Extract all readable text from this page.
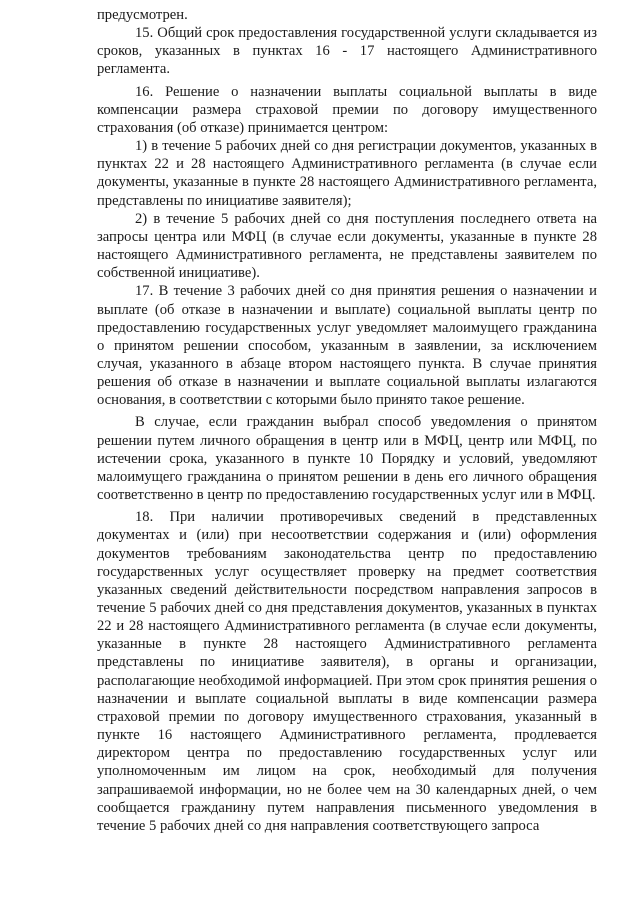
предусмотрен.

15. Общий срок предоставления государственной услуги складывается из сроков, указанных в пунктах 16 - 17 настоящего Административного регламента.

16. Решение о назначении выплаты социальной выплаты в виде компенсации размера страховой премии по договору имущественного страхования (об отказе) принимается центром:

1) в течение 5 рабочих дней со дня регистрации документов, указанных в пунктах 22 и 28 настоящего Административного регламента (в случае если документы, указанные в пункте 28 настоящего Административного регламента, представлены по инициативе заявителя);

2) в течение 5 рабочих дней со дня поступления последнего ответа на запросы центра или МФЦ (в случае если документы, указанные в пункте 28 настоящего Административного регламента, не представлены заявителем по собственной инициативе).

17. В течение 3 рабочих дней со дня принятия решения о назначении и выплате (об отказе в назначении и выплате) социальной выплаты центр по предоставлению государственных услуг уведомляет малоимущего гражданина о принятом решении способом, указанным в заявлении, за исключением случая, указанного в абзаце втором настоящего пункта. В случае принятия решения об отказе в назначении и выплате социальной выплаты излагаются основания, в соответствии с которыми было принято такое решение.

В случае, если гражданин выбрал способ уведомления о принятом решении путем личного обращения в центр или в МФЦ, центр или МФЦ, по истечении срока, указанного в пункте 10 Порядку и условий, уведомляют малоимущего гражданина о принятом решении в день его личного обращения соответственно в центр по предоставлению государственных услуг или в МФЦ.

18. При наличии противоречивых сведений в представленных документах и (или) при несоответствии содержания и (или) оформления документов требованиям законодательства центр по предоставлению государственных услуг осуществляет проверку на предмет соответствия указанных сведений действительности посредством направления запросов в течение 5 рабочих дней со дня представления документов, указанных в пунктах 22 и 28 настоящего Административного регламента (в случае если документы, указанные в пункте 28 настоящего Административного регламента представлены по инициативе заявителя), в органы и организации, располагающие необходимой информацией. При этом срок принятия решения о назначении и выплате социальной выплаты в виде компенсации размера страховой премии по договору имущественного страхования, указанный в пункте 16 настоящего Административного регламента, продлевается директором центра по предоставлению государственных услуг или уполномоченным им лицом на срок, необходимый для получения запрашиваемой информации, но не более чем на 30 календарных дней, о чем сообщается гражданину путем направления письменного уведомления в течение 5 рабочих дней со дня направления соответствующего запроса
